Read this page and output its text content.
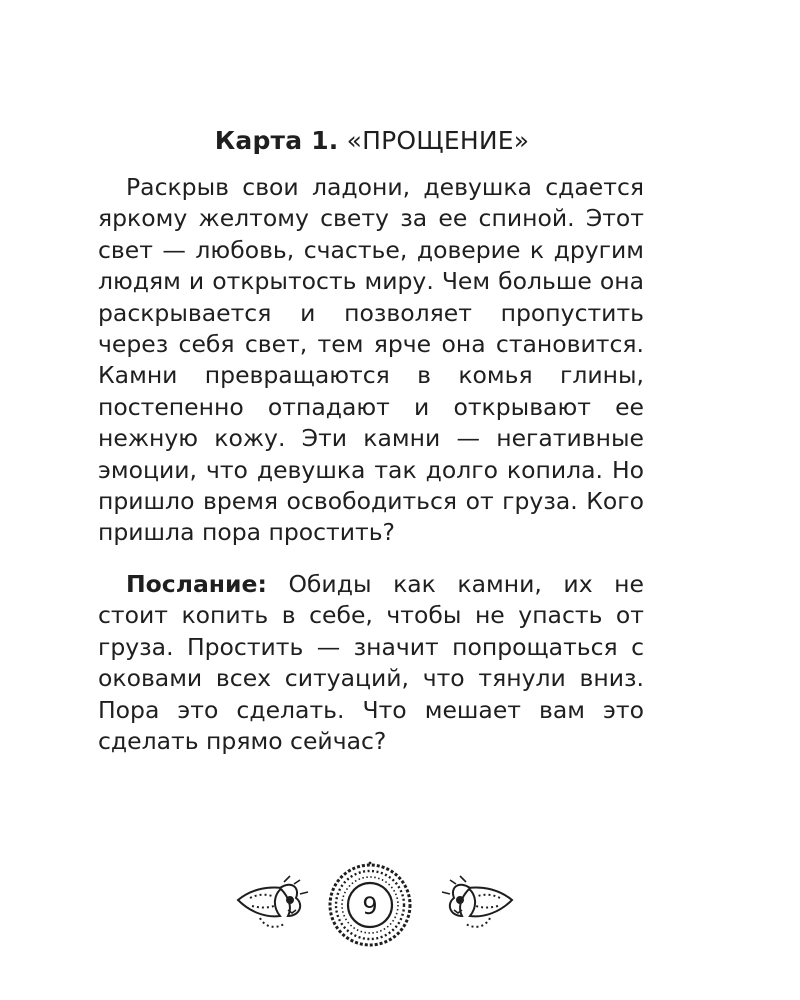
Карта 1. «ПРОЩЕНИЕ»

Раскрыв свои ладони, девушка сдается яркому желтому свету за ее спиной. Этот свет — любовь, счастье, доверие к другим людям и открытость миру. Чем больше она раскрывается и позволяет пропустить через себя свет, тем ярче она становится. Камни превращаются в комья глины, постепенно отпадают и открывают ее нежную кожу. Эти камни — негативные эмоции, что девушка так долго копила. Но пришло время освободиться от груза. Кого пришла пора простить?

Послание: Обиды как камни, их не стоит копить в себе, чтобы не упасть от груза. Простить — значит попрощаться с оковами всех ситуаций, что тянули вниз. Пора это сделать. Что мешает вам это сделать прямо сейчас?

9
